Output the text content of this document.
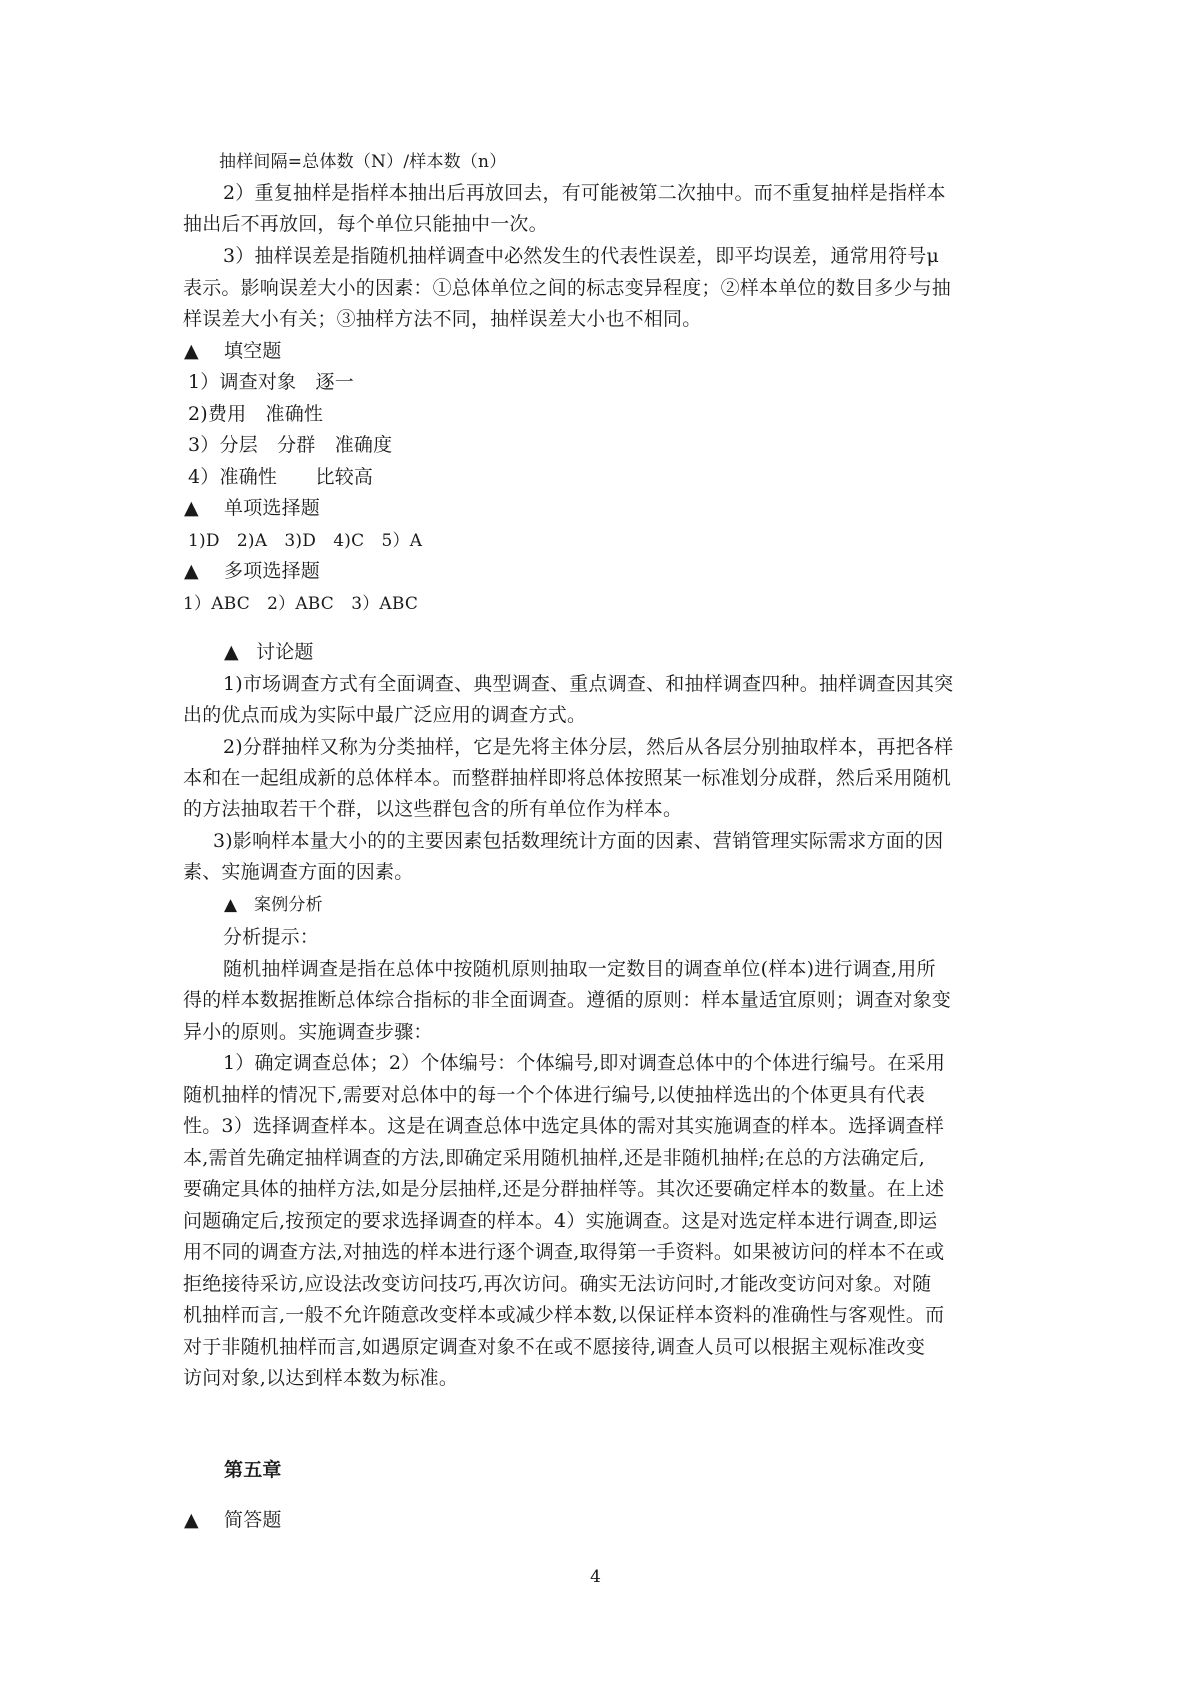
抽样间隔=总体数（N）/样本数（n）
2）重复抽样是指样本抽出后再放回去，有可能被第二次抽中。而不重复抽样是指样本
抽出后不再放回，每个单位只能抽中一次。
3）抽样误差是指随机抽样调查中必然发生的代表性误差，即平均误差，通常用符号μ
表示。影响误差大小的因素：①总体单位之间的标志变异程度；②样本单位的数目多少与抽
样误差大小有关；③抽样方法不同，抽样误差大小也不相同。
▲ 填空题
1）调查对象　逐一
2)费用　准确性
3）分层　分群　准确度
4）准确性　　比较高
▲ 单项选择题
1)D　2)A　3)D　4)C　5）A
▲ 多项选择题
1）ABC　2）ABC　3）ABC
▲ 讨论题
1)市场调查方式有全面调查、典型调查、重点调查、和抽样调查四种。抽样调查因其突
出的优点而成为实际中最广泛应用的调查方式。
2)分群抽样又称为分类抽样，它是先将主体分层，然后从各层分别抽取样本，再把各样
本和在一起组成新的总体样本。而整群抽样即将总体按照某一标准划分成群，然后采用随机
的方法抽取若干个群，以这些群包含的所有单位作为样本。
3)影响样本量大小的的主要因素包括数理统计方面的因素、营销管理实际需求方面的因
素、实施调查方面的因素。
▲ 案例分析
分析提示：
随机抽样调查是指在总体中按随机原则抽取一定数目的调查单位(样本)进行调查,用所
得的样本数据推断总体综合指标的非全面调查。遵循的原则：样本量适宜原则；调查对象变
异小的原则。实施调查步骤：
1）确定调查总体；2）个体编号：个体编号,即对调查总体中的个体进行编号。在采用
随机抽样的情况下,需要对总体中的每一个个体进行编号,以使抽样选出的个体更具有代表
性。3）选择调查样本。这是在调查总体中选定具体的需对其实施调查的样本。选择调查样
本,需首先确定抽样调查的方法,即确定采用随机抽样,还是非随机抽样;在总的方法确定后,
要确定具体的抽样方法,如是分层抽样,还是分群抽样等。其次还要确定样本的数量。在上述
问题确定后,按预定的要求选择调查的样本。4）实施调查。这是对选定样本进行调查,即运
用不同的调查方法,对抽选的样本进行逐个调查,取得第一手资料。如果被访问的样本不在或
拒绝接待采访,应设法改变访问技巧,再次访问。确实无法访问时,才能改变访问对象。对随
机抽样而言,一般不允许随意改变样本或减少样本数,以保证样本资料的准确性与客观性。而
对于非随机抽样而言,如遇原定调查对象不在或不愿接待,调查人员可以根据主观标准改变
访问对象,以达到样本数为标准。
第五章
▲ 简答题
4
